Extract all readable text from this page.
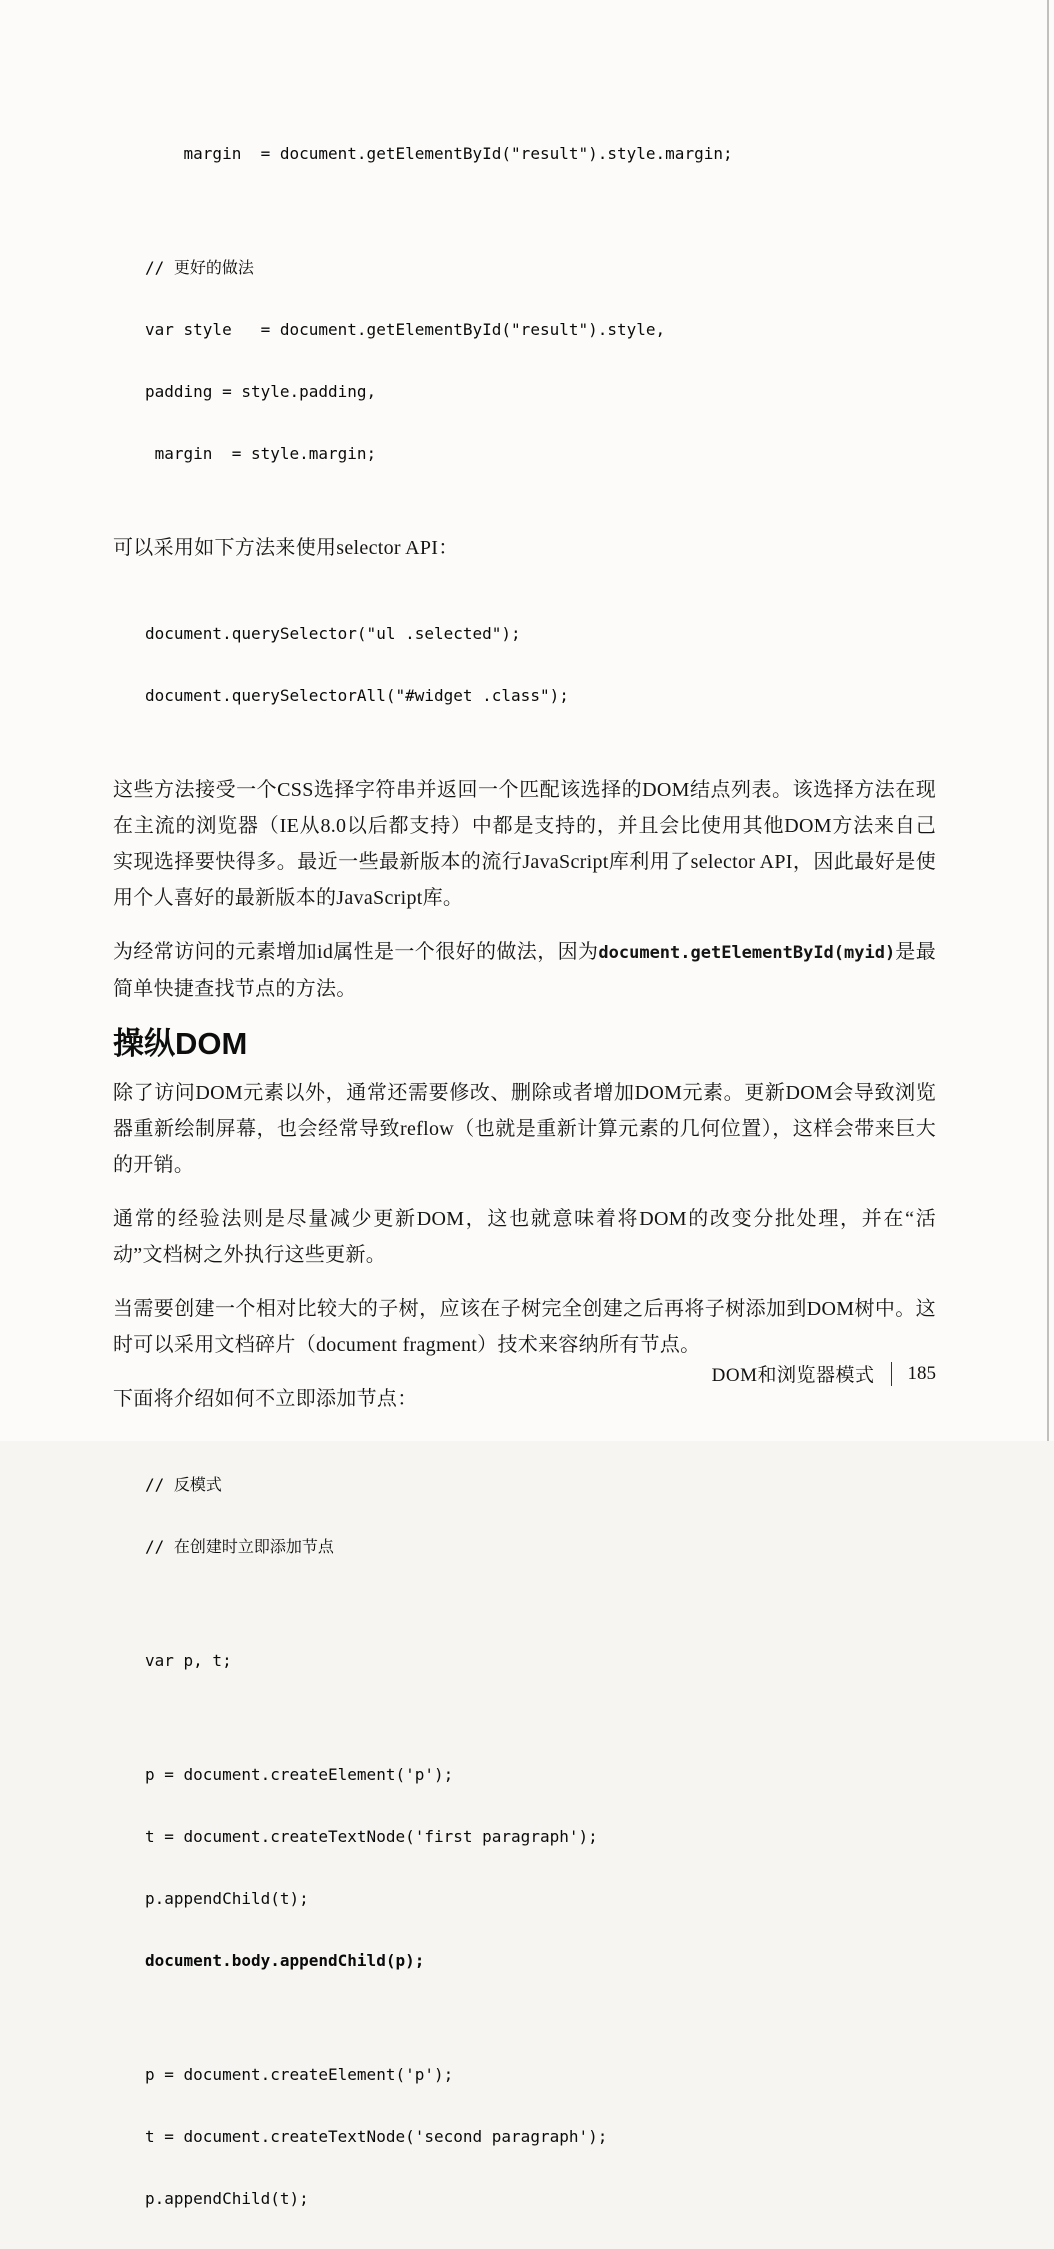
margin  = document.getElementById("result").style.margin;

// 更好的做法

var style   = document.getElementById("result").style,

padding = style.padding,

margin  = style.margin;

可以采用如下方法来使用selector API：

document.querySelector("ul .selected");

document.querySelectorAll("#widget .class");

这些方法接受一个CSS选择字符串并返回一个匹配该选择的DOM结点列表。该选择方法在现在主流的浏览器（IE从8.0以后都支持）中都是支持的，并且会比使用其他DOM方法来自己实现选择要快得多。最近一些最新版本的流行JavaScript库利用了selector API，因此最好是使用个人喜好的最新版本的JavaScript库。

为经常访问的元素增加id属性是一个很好的做法，因为document.getElementById(myid)是最简单快捷查找节点的方法。

操纵DOM

除了访问DOM元素以外，通常还需要修改、删除或者增加DOM元素。更新DOM会导致浏览器重新绘制屏幕，也会经常导致reflow（也就是重新计算元素的几何位置），这样会带来巨大的开销。

通常的经验法则是尽量减少更新DOM，这也就意味着将DOM的改变分批处理，并在“活动”文档树之外执行这些更新。

当需要创建一个相对比较大的子树，应该在子树完全创建之后再将子树添加到DOM树中。这时可以采用文档碎片（document fragment）技术来容纳所有节点。

下面将介绍如何不立即添加节点：

// 反模式

// 在创建时立即添加节点

var p, t;

p = document.createElement('p');

t = document.createTextNode('first paragraph');

p.appendChild(t);

document.body.appendChild(p);

p = document.createElement('p');

t = document.createTextNode('second paragraph');

p.appendChild(t);

DOM和浏览器模式 185
